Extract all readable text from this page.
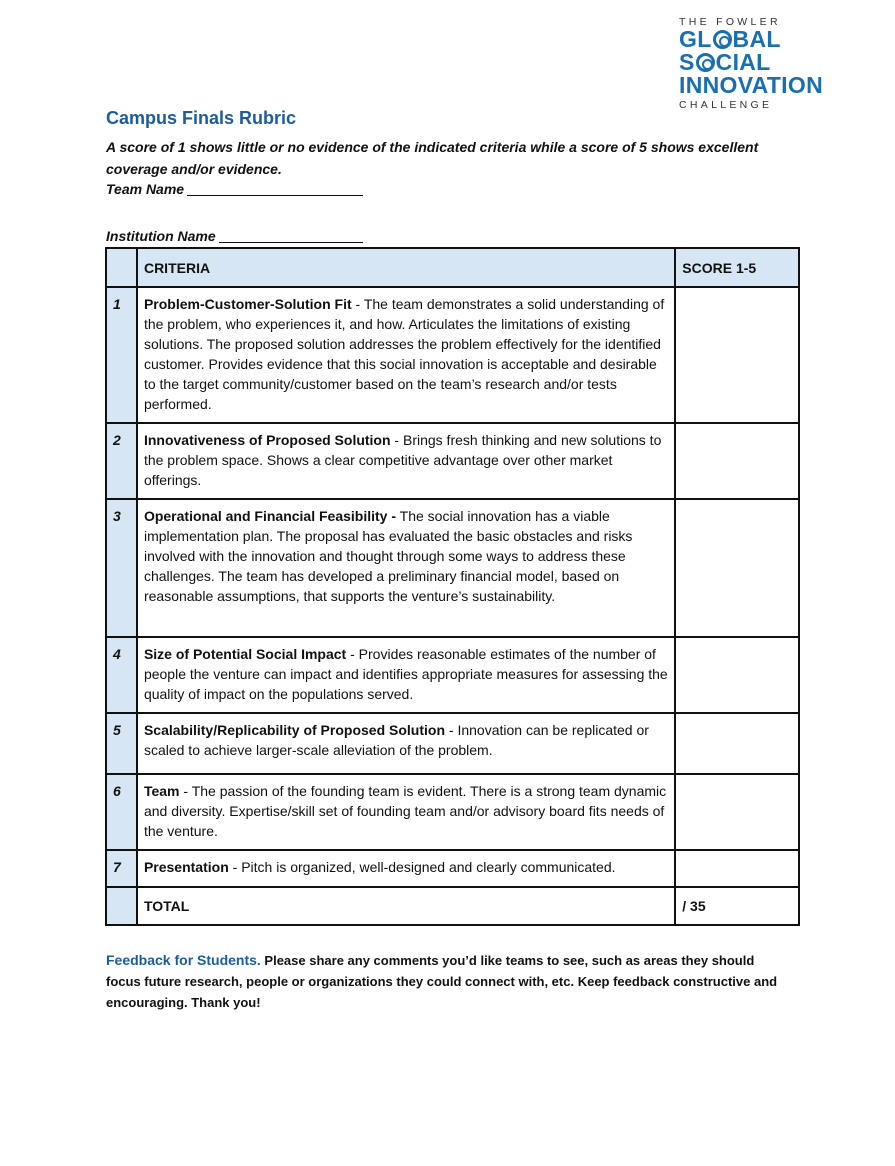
THE FOWLER
GL BAL
S CIAL
INNOVATION
CHALLENGE
Campus Finals Rubric
A score of 1 shows little or no evidence of the indicated criteria while a score of 5 shows excellent coverage and/or evidence.
Team Name
Institution Name
	CRITERIA	SCORE 1-5
1	Problem-Customer-Solution Fit - The team demonstrates a solid understanding of the problem, who experiences it, and how. Articulates the limitations of existing solutions. The proposed solution addresses the problem effectively for the identified customer. Provides evidence that this social innovation is acceptable and desirable to the target community/customer based on the team’s research and/or tests performed.	
2	Innovativeness of Proposed Solution - Brings fresh thinking and new solutions to the problem space. Shows a clear competitive advantage over other market offerings.	
3	Operational and Financial Feasibility - The social innovation has a viable implementation plan. The proposal has evaluated the basic obstacles and risks involved with the innovation and thought through some ways to address these challenges. The team has developed a preliminary financial model, based on reasonable assumptions, that supports the venture’s sustainability.	
4	Size of Potential Social Impact - Provides reasonable estimates of the number of people the venture can impact and identifies appropriate measures for assessing the quality of impact on the populations served.	
5	Scalability/Replicability of Proposed Solution - Innovation can be replicated or scaled to achieve larger-scale alleviation of the problem.	
6	Team - The passion of the founding team is evident. There is a strong team dynamic and diversity. Expertise/skill set of founding team and/or advisory board fits needs of the venture.	
7	Presentation - Pitch is organized, well-designed and clearly communicated.	
	TOTAL	/ 35
Feedback for Students. Please share any comments you’d like teams to see, such as areas they should focus future research, people or organizations they could connect with, etc. Keep feedback constructive and encouraging. Thank you!
